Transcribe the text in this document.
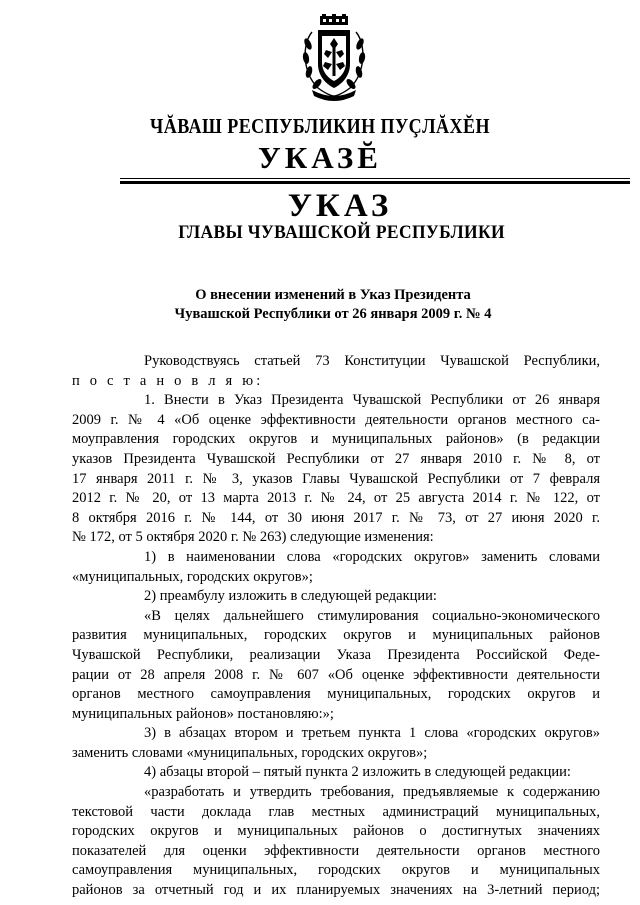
ЧĂВАШ РЕСПУБЛИКИН ПУÇЛĂХĔН
УКАЗĔ
УКАЗ
ГЛАВЫ ЧУВАШСКОЙ РЕСПУБЛИКИ
О внесении изменений в Указ Президента
Чувашской Республики от 26 января 2009 г. № 4
Руководствуясь статьей 73 Конституции Чувашской Республики,
п о с т а н о в л я ю:
1. Внести в Указ Президента Чувашской Республики от 26 января
2009 г. № 4 «Об оценке эффективности деятельности органов местного са-
моуправления городских округов и муниципальных районов» (в редакции
указов Президента Чувашской Республики от 27 января 2010 г. № 8, от
17 января 2011 г. № 3, указов Главы Чувашской Республики от 7 февраля
2012 г. № 20, от 13 марта 2013 г. № 24, от 25 августа 2014 г. № 122, от
8 октября 2016 г. № 144, от 30 июня 2017 г. № 73, от 27 июня 2020 г.
№ 172, от 5 октября 2020 г. № 263) следующие изменения:
1) в наименовании слова «городских округов» заменить словами
«муниципальных, городских округов»;
2) преамбулу изложить в следующей редакции:
«В целях дальнейшего стимулирования социально-экономического
развития муниципальных, городских округов и муниципальных районов
Чувашской Республики, реализации Указа Президента Российской Феде-
рации от 28 апреля 2008 г. № 607 «Об оценке эффективности деятельности
органов местного самоуправления муниципальных, городских округов и
муниципальных районов» постановляю:»;
3) в абзацах втором и третьем пункта 1 слова «городских округов»
заменить словами «муниципальных, городских округов»;
4) абзацы второй – пятый пункта 2 изложить в следующей редакции:
«разработать и утвердить требования, предъявляемые к содержанию
текстовой части доклада глав местных администраций муниципальных,
городских округов и муниципальных районов о достигнутых значениях
показателей для оценки эффективности деятельности органов местного
самоуправления муниципальных, городских округов и муниципальных
районов за отчетный год и их планируемых значениях на 3-летний период;
